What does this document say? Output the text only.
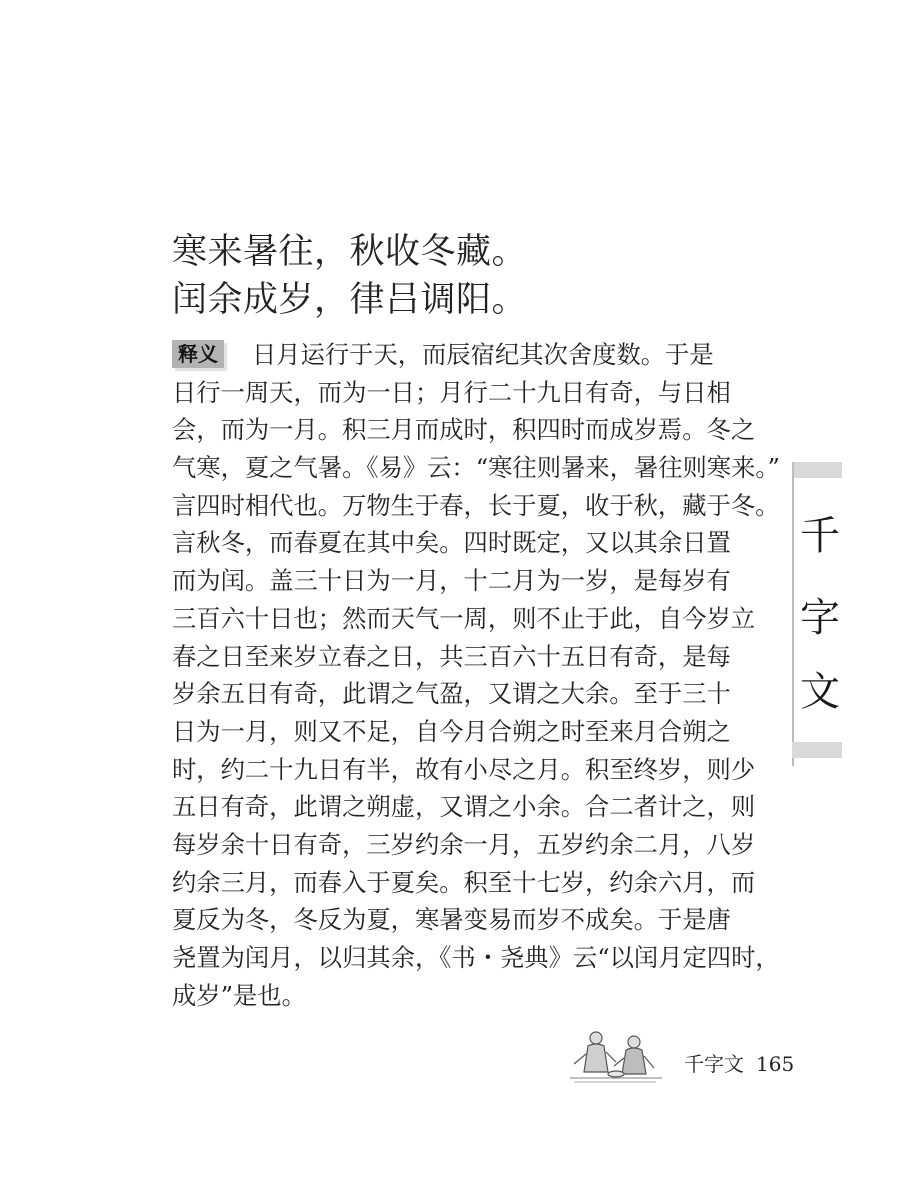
寒来暑往，秋收冬藏。
闰余成岁，律吕调阳。
释义 日月运行于天，而辰宿纪其次舍度数。于是
日行一周天，而为一日；月行二十九日有奇，与日相
会，而为一月。积三月而成时，积四时而成岁焉。冬之
气寒，夏之气暑。《易》云：“寒往则暑来，暑往则寒来。”
言四时相代也。万物生于春，长于夏，收于秋，藏于冬。
言秋冬，而春夏在其中矣。四时既定，又以其余日置
而为闰。盖三十日为一月，十二月为一岁，是每岁有
三百六十日也；然而天气一周，则不止于此，自今岁立
春之日至来岁立春之日，共三百六十五日有奇，是每
岁余五日有奇，此谓之气盈，又谓之大余。至于三十
日为一月，则又不足，自今月合朔之时至来月合朔之
时，约二十九日有半，故有小尽之月。积至终岁，则少
五日有奇，此谓之朔虚，又谓之小余。合二者计之，则
每岁余十日有奇，三岁约余一月，五岁约余二月，八岁
约余三月，而春入于夏矣。积至十七岁，约余六月，而
夏反为冬，冬反为夏，寒暑变易而岁不成矣。于是唐
尧置为闰月，以归其余，《书・尧典》云“以闰月定四时，
成岁”是也。
千
字
文
千字文 165
